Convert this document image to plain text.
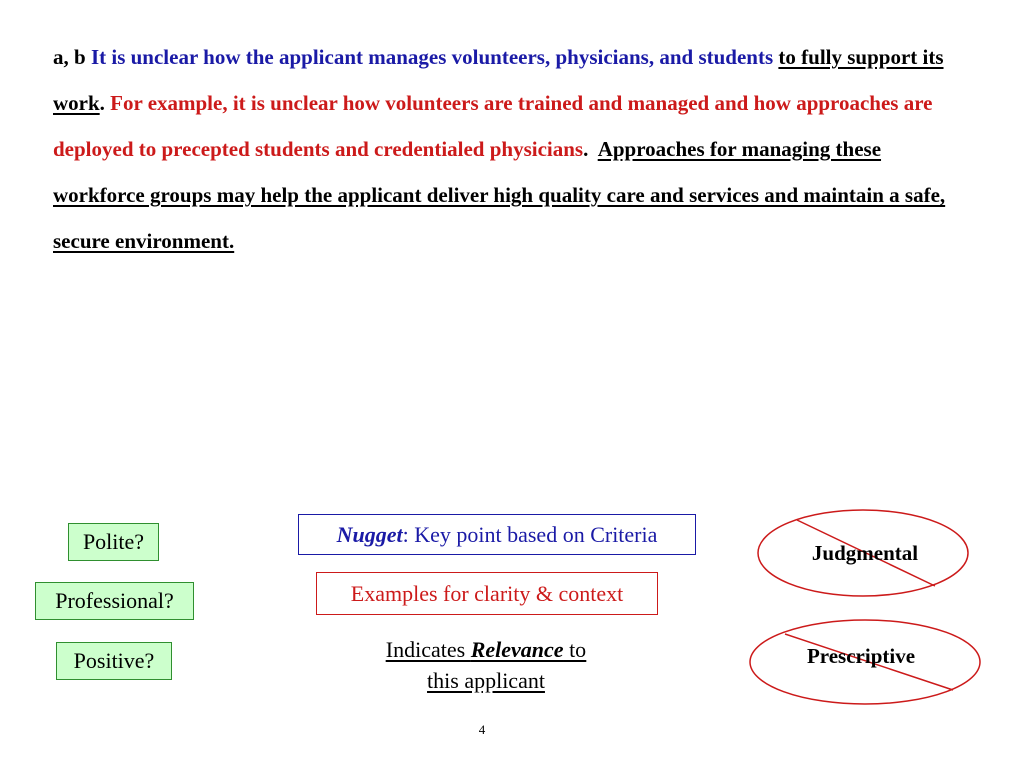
a, b It is unclear how the applicant manages volunteers, physicians, and students to fully support its work. For example, it is unclear how volunteers are trained and managed and how approaches are deployed to precepted students and credentialed physicians. Approaches for managing these workforce groups may help the applicant deliver high quality care and services and maintain a safe, secure environment.
Polite?
Professional?
Positive?
Nugget : Key point based on Criteria
Examples for clarity & context
Indicates Relevance to
this applicant
Judgmental
Prescriptive
4
